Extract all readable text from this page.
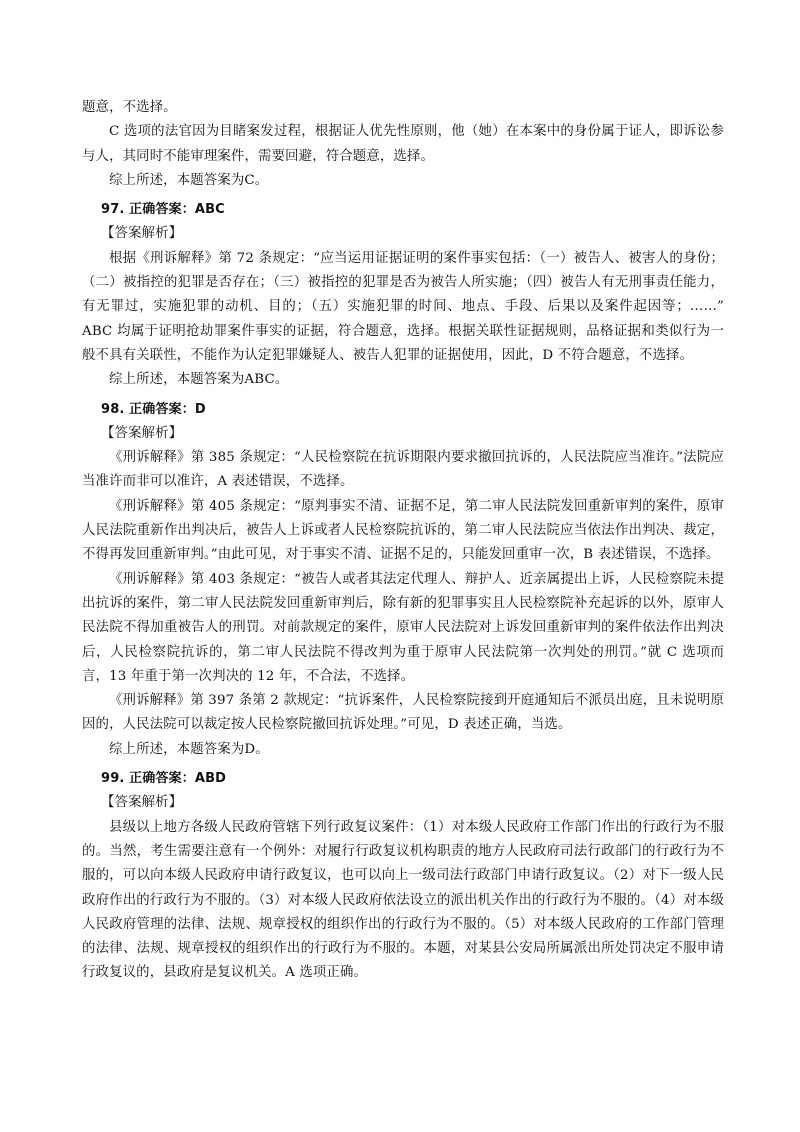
题意，不选择。

C 选项的法官因为目睹案发过程，根据证人优先性原则，他（她）在本案中的身份属于证人，即诉讼参与人，其同时不能审理案件，需要回避，符合题意，选择。

综上所述，本题答案为C。

97. 正确答案：ABC

【答案解析】

根据《刑诉解释》第 72 条规定：“应当运用证据证明的案件事实包括：（一）被告人、被害人的身份；（二）被指控的犯罪是否存在；（三）被指控的犯罪是否为被告人所实施；（四）被告人有无刑事责任能力，有无罪过，实施犯罪的动机、目的；（五）实施犯罪的时间、地点、手段、后果以及案件起因等；……” ABC 均属于证明抢劫罪案件事实的证据，符合题意，选择。根据关联性证据规则，品格证据和类似行为一般不具有关联性，不能作为认定犯罪嫌疑人、被告人犯罪的证据使用，因此，D 不符合题意，不选择。

综上所述，本题答案为ABC。

98. 正确答案：D

【答案解析】

《刑诉解释》第 385 条规定：“人民检察院在抗诉期限内要求撤回抗诉的，人民法院应当准许。”法院应当准许而非可以准许，A 表述错误，不选择。

《刑诉解释》第 405 条规定：“原判事实不清、证据不足，第二审人民法院发回重新审判的案件，原审人民法院重新作出判决后，被告人上诉或者人民检察院抗诉的，第二审人民法院应当依法作出判决、裁定，不得再发回重新审判。”由此可见，对于事实不清、证据不足的，只能发回重审一次，B 表述错误，不选择。

《刑诉解释》第 403 条规定：“被告人或者其法定代理人、辩护人、近亲属提出上诉，人民检察院未提出抗诉的案件，第二审人民法院发回重新审判后，除有新的犯罪事实且人民检察院补充起诉的以外，原审人民法院不得加重被告人的刑罚。对前款规定的案件，原审人民法院对上诉发回重新审判的案件依法作出判决后，人民检察院抗诉的，第二审人民法院不得改判为重于原审人民法院第一次判处的刑罚。”就 C 选项而言，13 年重于第一次判决的 12 年，不合法，不选择。

《刑诉解释》第 397 条第 2 款规定：“抗诉案件，人民检察院接到开庭通知后不派员出庭，且未说明原因的，人民法院可以裁定按人民检察院撤回抗诉处理。”可见，D 表述正确，当选。

综上所述，本题答案为D。

99. 正确答案：ABD

【答案解析】

县级以上地方各级人民政府管辖下列行政复议案件：（1）对本级人民政府工作部门作出的行政行为不服的。当然，考生需要注意有一个例外：对履行行政复议机构职责的地方人民政府司法行政部门的行政行为不服的，可以向本级人民政府申请行政复议，也可以向上一级司法行政部门申请行政复议。（2）对下一级人民政府作出的行政行为不服的。（3）对本级人民政府依法设立的派出机关作出的行政行为不服的。（4）对本级人民政府管理的法律、法规、规章授权的组织作出的行政行为不服的。（5）对本级人民政府的工作部门管理的法律、法规、规章授权的组织作出的行政行为不服的。本题，对某县公安局所属派出所处罚决定不服申请行政复议的，县政府是复议机关。A 选项正确。
